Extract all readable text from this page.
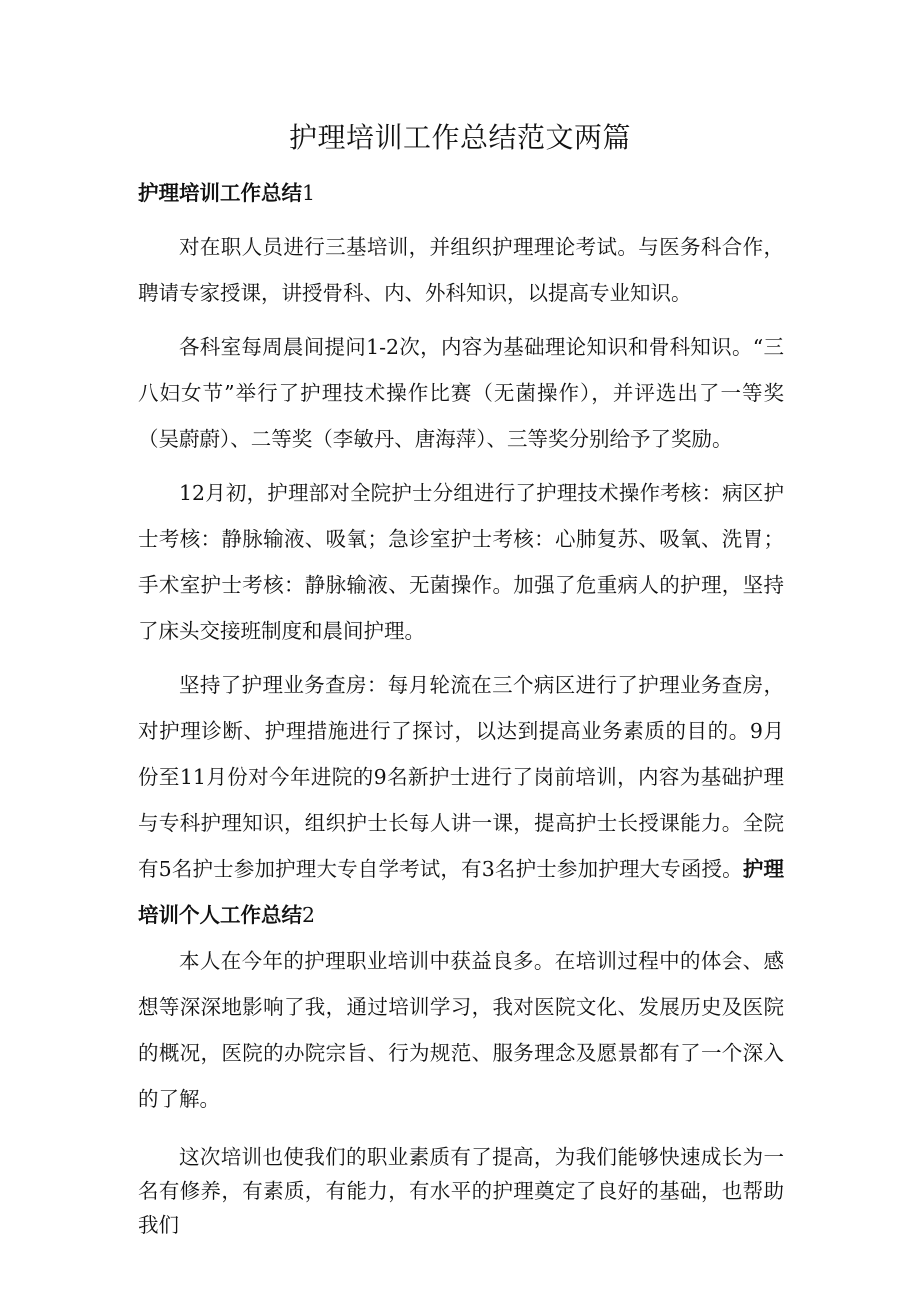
护理培训工作总结范文两篇

护理培训工作总结1

对在职人员进行三基培训，并组织护理理论考试。与医务科合作，聘请专家授课，讲授骨科、内、外科知识，以提高专业知识。

各科室每周晨间提问1-2次，内容为基础理论知识和骨科知识。“三八妇女节”举行了护理技术操作比赛（无菌操作），并评选出了一等奖（吴蔚蔚）、二等奖（李敏丹、唐海萍）、三等奖分别给予了奖励。

12月初，护理部对全院护士分组进行了护理技术操作考核：病区护士考核：静脉输液、吸氧；急诊室护士考核：心肺复苏、吸氧、洗胃；手术室护士考核：静脉输液、无菌操作。加强了危重病人的护理，坚持了床头交接班制度和晨间护理。

坚持了护理业务查房：每月轮流在三个病区进行了护理业务查房，对护理诊断、护理措施进行了探讨，以达到提高业务素质的目的。9月份至11月份对今年进院的9名新护士进行了岗前培训，内容为基础护理与专科护理知识，组织护士长每人讲一课，提高护士长授课能力。全院有5名护士参加护理大专自学考试，有3名护士参加护理大专函授。护理培训个人工作总结2

本人在今年的护理职业培训中获益良多。在培训过程中的体会、感想等深深地影响了我，通过培训学习，我对医院文化、发展历史及医院的概况，医院的办院宗旨、行为规范、服务理念及愿景都有了一个深入的了解。

这次培训也使我们的职业素质有了提高，为我们能够快速成长为一名有修养，有素质，有能力，有水平的护理奠定了良好的基础，也帮助我们
